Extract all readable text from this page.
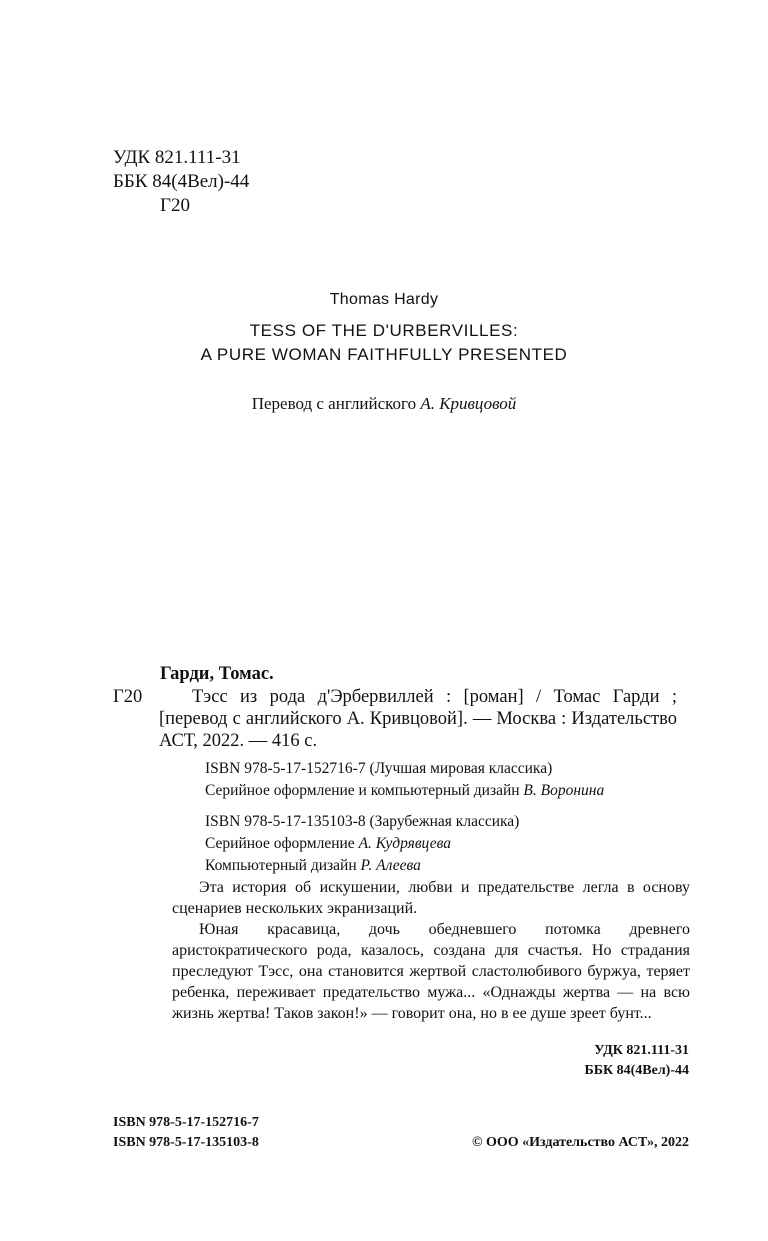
УДК 821.111-31
ББК 84(4Вел)-44
Г20
Thomas Hardy
TESS OF THE D'URBERVILLES:
A PURE WOMAN FAITHFULLY PRESENTED
Перевод с английского А. Кривцовой
Гарди, Томас.
Г20	Тэсс из рода д'Эрбервиллей : [роман] / Томас Гарди ; [перевод с английского А. Кривцовой]. — Москва : Издательство АСТ, 2022. — 416 с.
ISBN 978-5-17-152716-7 (Лучшая мировая классика)
Серийное оформление и компьютерный дизайн В. Воронина
ISBN 978-5-17-135103-8 (Зарубежная классика)
Серийное оформление А. Кудрявцева
Компьютерный дизайн Р. Алеева

Эта история об искушении, любви и предательстве легла в основу сценариев нескольких экранизаций.

Юная красавица, дочь обедневшего потомка древнего аристократического рода, казалось, создана для счастья. Но страдания преследуют Тэсс, она становится жертвой сластолюбивого буржуа, теряет ребенка, переживает предательство мужа... «Однажды жертва — на всю жизнь жертва! Таков закон!» — говорит она, но в ее душе зреет бунт...

УДК 821.111-31
ББК 84(4Вел)-44
ISBN 978-5-17-152716-7
ISBN 978-5-17-135103-8	© ООО «Издательство АСТ», 2022
